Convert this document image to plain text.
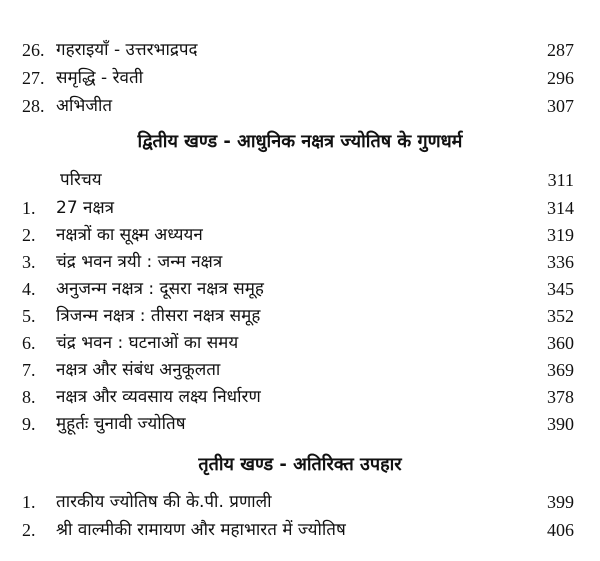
26. गहराइयाँ - उत्तरभाद्रपद	287
27. समृद्धि - रेवती	296
28. अभिजीत	307
द्वितीय खण्ड - आधुनिक नक्षत्र ज्योतिष के गुणधर्म
परिचय	311
1. 27 नक्षत्र	314
2. नक्षत्रों का सूक्ष्म अध्ययन	319
3. चंद्र भवन त्रयी : जन्म नक्षत्र	336
4. अनुजन्म नक्षत्र : दूसरा नक्षत्र समूह	345
5. त्रिजन्म नक्षत्र : तीसरा नक्षत्र समूह	352
6. चंद्र भवन : घटनाओं का समय	360
7. नक्षत्र और संबंध अनुकूलता	369
8. नक्षत्र और व्यवसाय लक्ष्य निर्धारण	378
9. मुहूर्तः चुनावी ज्योतिष	390
तृतीय खण्ड - अतिरिक्त उपहार
1. तारकीय ज्योतिष की के.पी. प्रणाली	399
2. श्री वाल्मीकी रामायण और महाभारत में ज्योतिष	406
